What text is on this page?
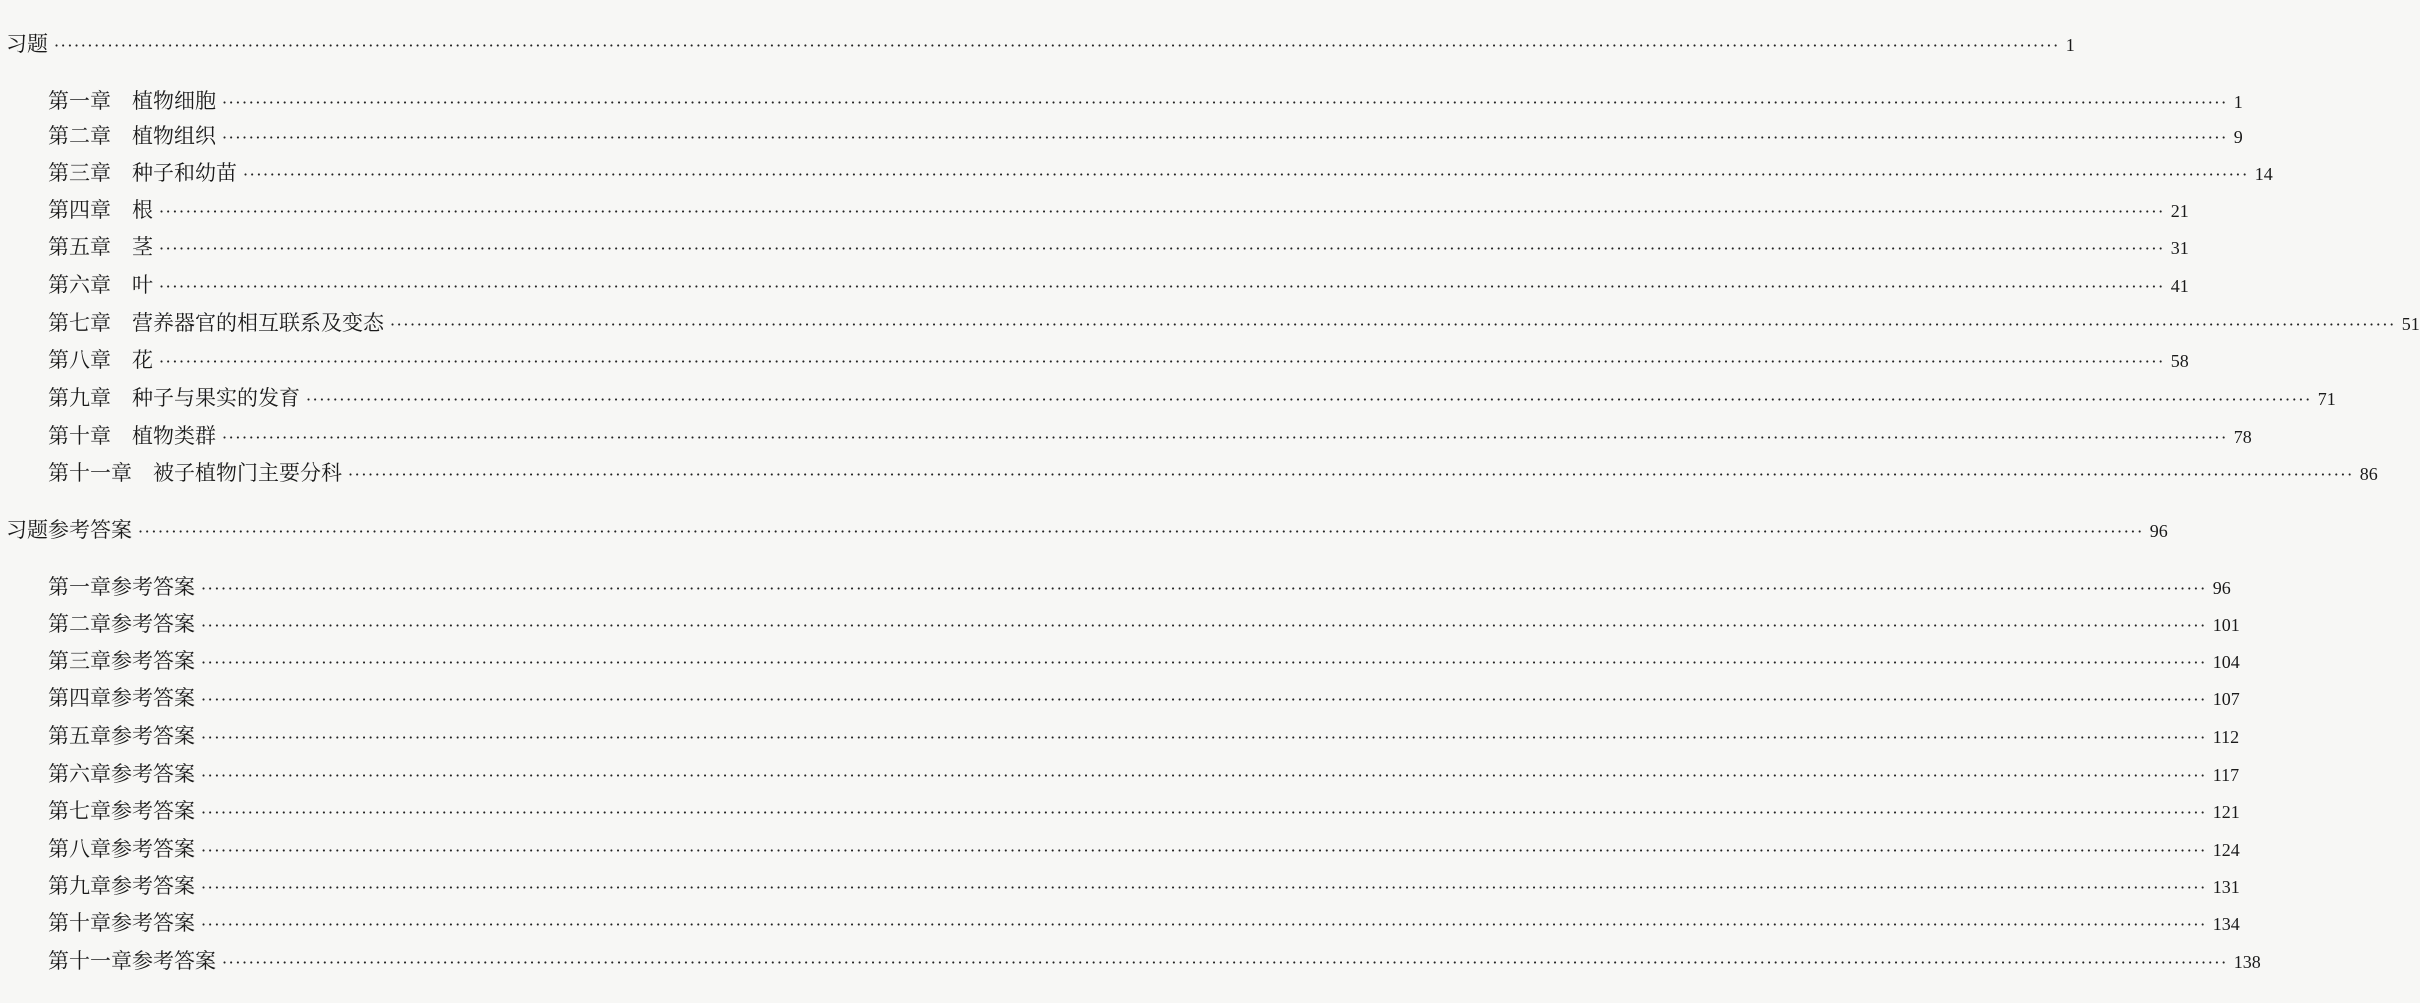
习题 ············································································································································································································································································································ 1
第一章　植物细胞 ············································································································································································································································································································ 1
第二章　植物组织 ············································································································································································································································································································ 9
第三章　种子和幼苗 ············································································································································································································································································································ 14
第四章　根 ············································································································································································································································································································ 21
第五章　茎 ············································································································································································································································································································ 31
第六章　叶 ············································································································································································································································································································ 41
第七章　营养器官的相互联系及变态 ············································································································································································································································································································ 51
第八章　花 ············································································································································································································································································································ 58
第九章　种子与果实的发育 ············································································································································································································································································································ 71
第十章　植物类群 ············································································································································································································································································································ 78
第十一章　被子植物门主要分科 ············································································································································································································································································································ 86
习题参考答案 ············································································································································································································································································································ 96
第一章参考答案 ············································································································································································································································································································ 96
第二章参考答案 ············································································································································································································································································································ 101
第三章参考答案 ············································································································································································································································································································ 104
第四章参考答案 ············································································································································································································································································································ 107
第五章参考答案 ············································································································································································································································································································ 112
第六章参考答案 ············································································································································································································································································································ 117
第七章参考答案 ············································································································································································································································································································ 121
第八章参考答案 ············································································································································································································································································································ 124
第九章参考答案 ············································································································································································································································································································ 131
第十章参考答案 ············································································································································································································································································································ 134
第十一章参考答案 ············································································································································································································································································································ 138
